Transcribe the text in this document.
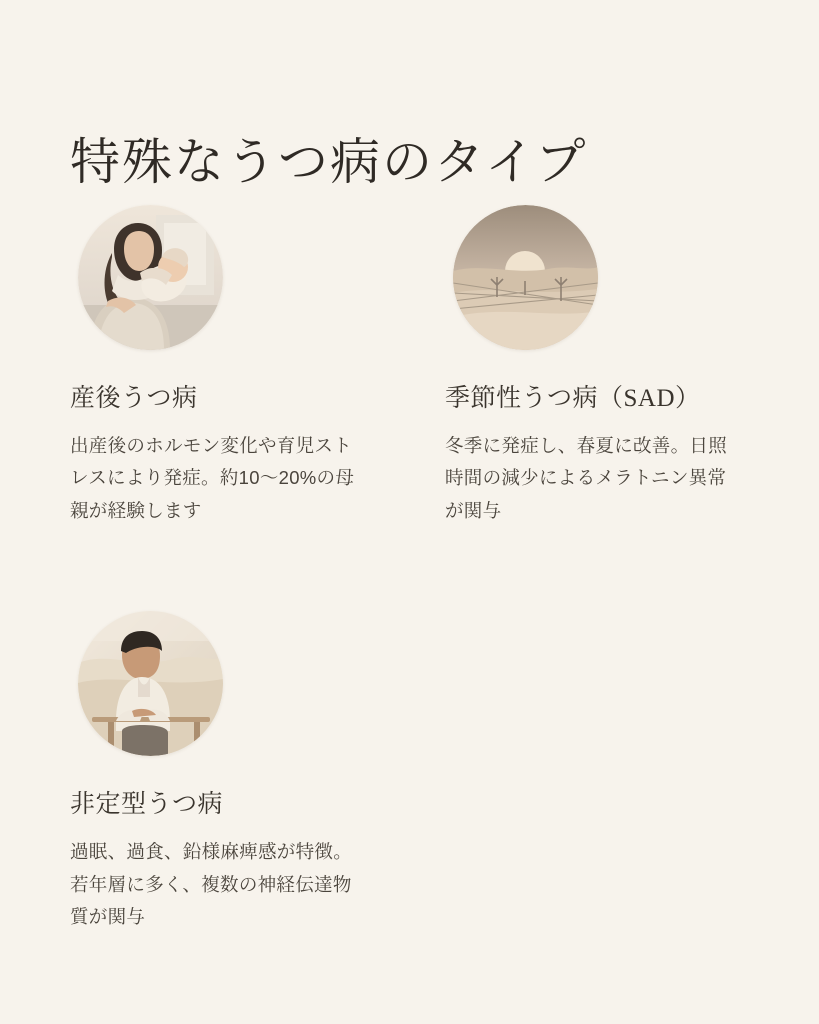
特殊なうつ病のタイプ
産後うつ病
出産後のホルモン変化や育児ストレスにより発症。約10〜20%の母親が経験します
季節性うつ病（SAD）
冬季に発症し、春夏に改善。日照時間の減少によるメラトニン異常が関与
非定型うつ病
過眠、過食、鉛様麻痺感が特徴。若年層に多く、複数の神経伝達物質が関与
